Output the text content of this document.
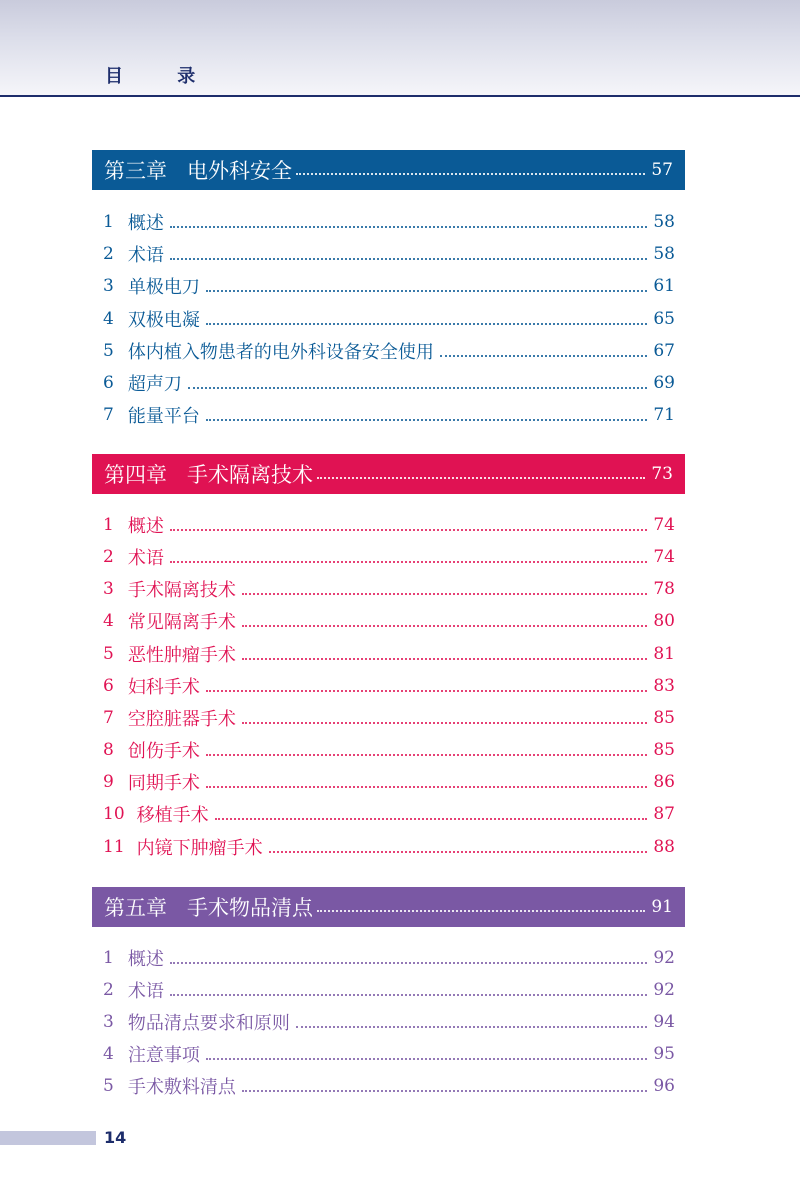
目 录
第三章   电外科安全	57
1 概述	58
2 术语	58
3 单极电刀	61
4 双极电凝	65
5 体内植入物患者的电外科设备安全使用	67
6 超声刀	69
7 能量平台	71
第四章   手术隔离技术	73
1 概述	74
2 术语	74
3 手术隔离技术	78
4 常见隔离手术	80
5 恶性肿瘤手术	81
6 妇科手术	83
7 空腔脏器手术	85
8 创伤手术	85
9 同期手术	86
10 移植手术	87
11 内镜下肿瘤手术	88
第五章   手术物品清点	91
1 概述	92
2 术语	92
3 物品清点要求和原则	94
4 注意事项	95
5 手术敷料清点	96
14
